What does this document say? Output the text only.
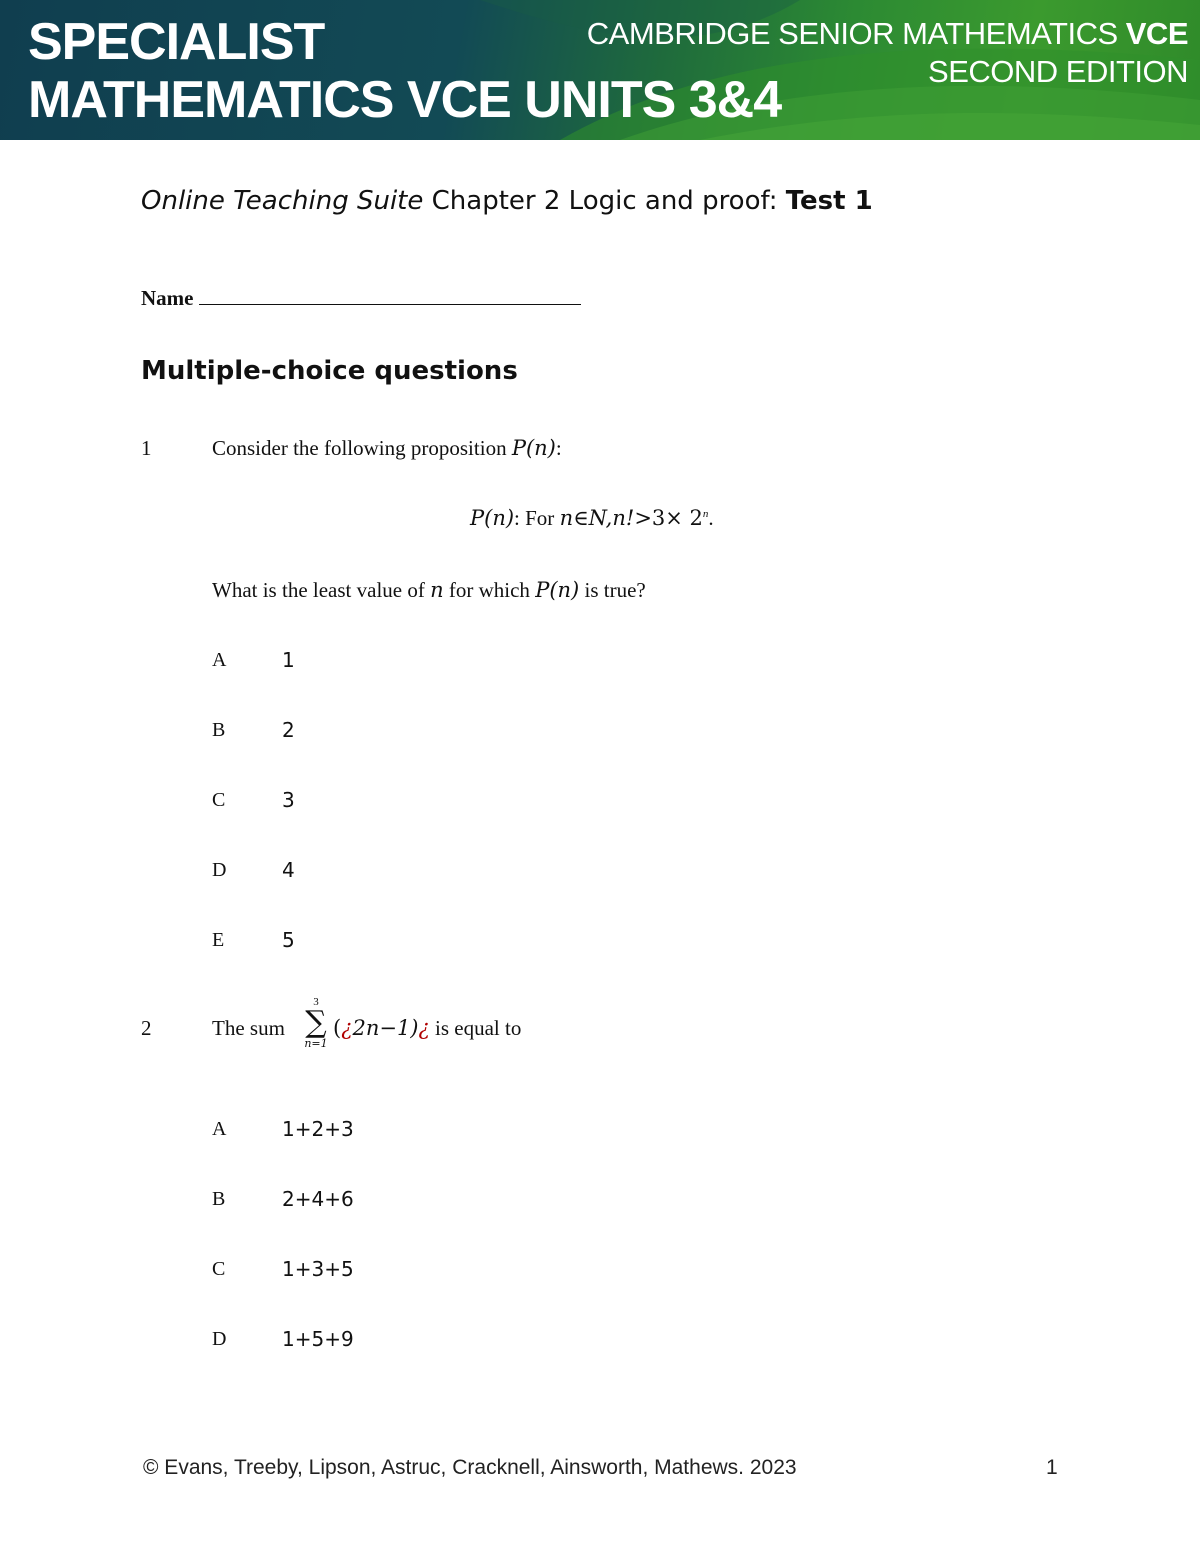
SPECIALIST
MATHEMATICS VCE UNITS 3&4
CAMBRIDGE SENIOR MATHEMATICS VCE
SECOND EDITION
Online Teaching Suite Chapter 2 Logic and proof: Test 1
Name
Multiple-choice questions
1	Consider the following proposition P(n):
P(n): For n∈N,n!>3× $2^n$.
What is the least value of n for which P(n) is true?
A	1
B	2
C	3
D	4
E	5
2	The sum
3
∑
n=1
(¿2n−1)¿ is equal to
A	1+2+3
B	2+4+6
C	1+3+5
D	1+5+9
© Evans, Treeby, Lipson, Astruc, Cracknell, Ainsworth, Mathews. 2023	1
